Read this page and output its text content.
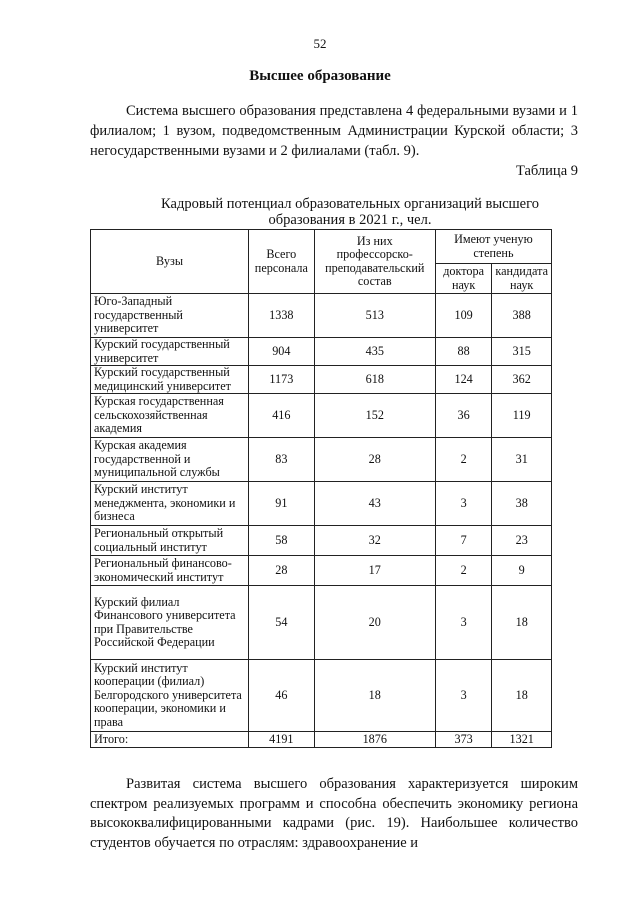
52
Высшее образование

Система высшего образования представлена 4 федеральными вузами и 1 филиалом; 1 вузом, подведомственным Администрации Курской области; 3 негосударственными вузами и 2 филиалами (табл. 9).

Таблица 9
Кадровый потенциал образовательных организаций высшего образования в 2021 г., чел.
Вузы	Всего персонала	Из них профессорско-преподавательский состав	Имеют ученую степень	
			доктора наук	кандидата наук
Юго-Западный государственный университет	1338	513	109	388
Курский государственный университет	904	435	88	315
Курский государственный медицинский университет	1173	618	124	362
Курская государственная сельскохозяйственная академия	416	152	36	119
Курская академия государственной и муниципальной службы	83	28	2	31
Курский институт менеджмента, экономики и бизнеса	91	43	3	38
Региональный открытый социальный институт	58	32	7	23
Региональный финансово-экономический институт	28	17	2	9
Курский филиал Финансового университета при Правительстве Российской Федерации	54	20	3	18
Курский институт кооперации (филиал) Белгородского университета кооперации, экономики и права	46	18	3	18
Итого:	4191	1876	373	1321

Развитая система высшего образования характеризуется широким спектром реализуемых программ и способна обеспечить экономику региона высококвалифицированными кадрами (рис. 19). Наибольшее количество студентов обучается по отраслям: здравоохранение и
